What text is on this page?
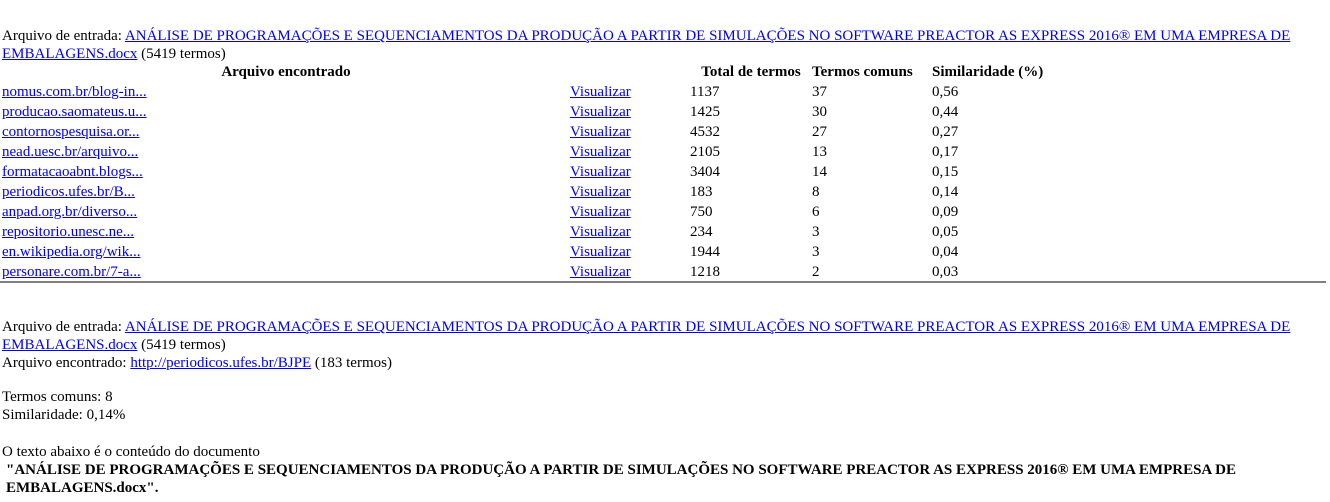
Arquivo de entrada: ANÁLISE DE PROGRAMAÇÕES E SEQUENCIAMENTOS DA PRODUÇÃO A PARTIR DE SIMULAÇÕES NO SOFTWARE PREACTOR AS EXPRESS 2016® EM UMA EMPRESA DE EMBALAGENS.docx (5419 termos)
Arquivo encontrado		Total de termos	Termos comuns	Similaridade (%)
nomus.com.br/blog-in...	Visualizar	1137	37	0,56
producao.saomateus.u...	Visualizar	1425	30	0,44
contornospesquisa.or...	Visualizar	4532	27	0,27
nead.uesc.br/arquivo...	Visualizar	2105	13	0,17
formatacaoabnt.blogs...	Visualizar	3404	14	0,15
periodicos.ufes.br/B...	Visualizar	183	8	0,14
anpad.org.br/diverso...	Visualizar	750	6	0,09
repositorio.unesc.ne...	Visualizar	234	3	0,05
en.wikipedia.org/wik...	Visualizar	1944	3	0,04
personare.com.br/7-a...	Visualizar	1218	2	0,03
Arquivo de entrada: ANÁLISE DE PROGRAMAÇÕES E SEQUENCIAMENTOS DA PRODUÇÃO A PARTIR DE SIMULAÇÕES NO SOFTWARE PREACTOR AS EXPRESS 2016® EM UMA EMPRESA DE EMBALAGENS.docx (5419 termos)
Arquivo encontrado: http://periodicos.ufes.br/BJPE (183 termos)
Termos comuns: 8
Similaridade: 0,14%
O texto abaixo é o conteúdo do documento
"ANÁLISE DE PROGRAMAÇÕES E SEQUENCIAMENTOS DA PRODUÇÃO A PARTIR DE SIMULAÇÕES NO SOFTWARE PREACTOR AS EXPRESS 2016® EM UMA EMPRESA DE EMBALAGENS.docx".
